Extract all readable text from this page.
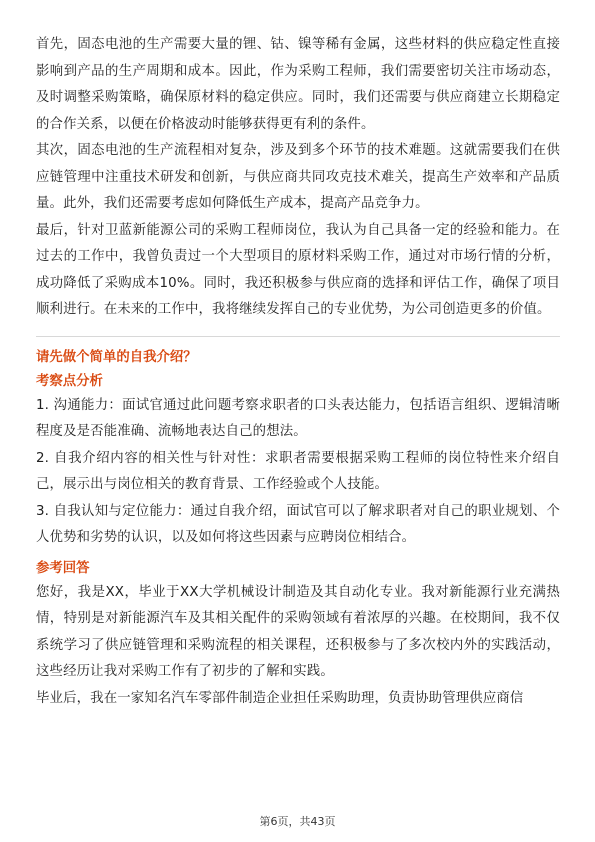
首先，固态电池的生产需要大量的锂、钴、镍等稀有金属，这些材料的供应稳定性直接影响到产品的生产周期和成本。因此，作为采购工程师，我们需要密切关注市场动态，及时调整采购策略，确保原材料的稳定供应。同时，我们还需要与供应商建立长期稳定的合作关系，以便在价格波动时能够获得更有利的条件。

其次，固态电池的生产流程相对复杂，涉及到多个环节的技术难题。这就需要我们在供应链管理中注重技术研发和创新，与供应商共同攻克技术难关，提高生产效率和产品质量。此外，我们还需要考虑如何降低生产成本，提高产品竞争力。

最后，针对卫蓝新能源公司的采购工程师岗位，我认为自己具备一定的经验和能力。在过去的工作中，我曾负责过一个大型项目的原材料采购工作，通过对市场行情的分析，成功降低了采购成本10%。同时，我还积极参与供应商的选择和评估工作，确保了项目顺利进行。在未来的工作中，我将继续发挥自己的专业优势，为公司创造更多的价值。

请先做个简单的自我介绍？

考察点分析

1. 沟通能力：面试官通过此问题考察求职者的口头表达能力，包括语言组织、逻辑清晰程度及是否能准确、流畅地表达自己的想法。

2. 自我介绍内容的相关性与针对性：求职者需要根据采购工程师的岗位特性来介绍自己，展示出与岗位相关的教育背景、工作经验或个人技能。

3. 自我认知与定位能力：通过自我介绍，面试官可以了解求职者对自己的职业规划、个人优势和劣势的认识，以及如何将这些因素与应聘岗位相结合。

参考回答

您好，我是XX，毕业于XX大学机械设计制造及其自动化专业。我对新能源行业充满热情，特别是对新能源汽车及其相关配件的采购领域有着浓厚的兴趣。在校期间，我不仅系统学习了供应链管理和采购流程的相关课程，还积极参与了多次校内外的实践活动，这些经历让我对采购工作有了初步的了解和实践。

毕业后，我在一家知名汽车零部件制造企业担任采购助理，负责协助管理供应商信

第6页，共43页
